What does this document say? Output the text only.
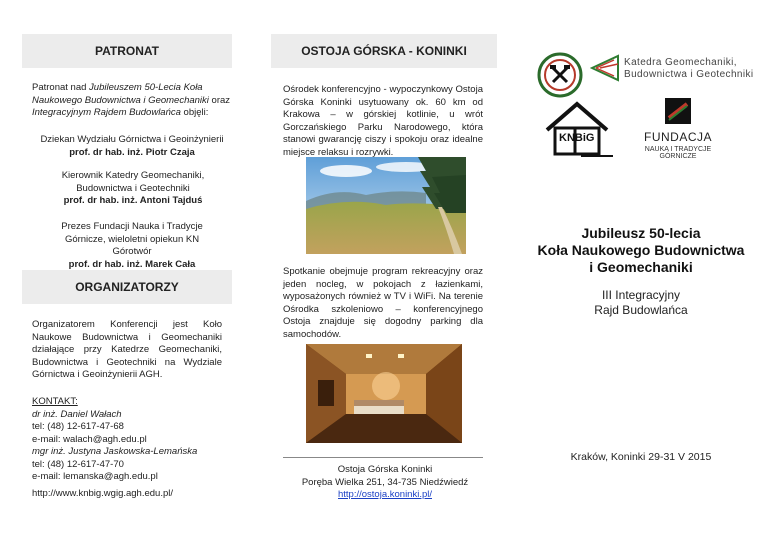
PATRONAT
Patronat nad Jubileuszem 50-Lecia Koła Naukowego Budownictwa i Geomechaniki oraz Integracyjnym Rajdem Budowlańca objęli:
Dziekan Wydziału Górnictwa i Geoinżynierii
prof. dr hab. inż. Piotr Czaja
Kierownik Katedry Geomechaniki, Budownictwa i Geotechniki
prof. dr hab. inż. Antoni Tajduś
Prezes Fundacji Nauka i Tradycje Górnicze, wieloletni opiekun KN Górotwór
prof. dr hab. inż. Marek Cała
ORGANIZATORZY
Organizatorem Konferencji jest Koło Naukowe Budownictwa i Geomechaniki działające przy Katedrze Geomechaniki, Budownictwa i Geotechniki na Wydziale Górnictwa i Geoinżynierii AGH.
KONTAKT:
dr inż. Daniel Wałach
tel: (48) 12-617-47-68
e-mail: walach@agh.edu.pl
mgr inż. Justyna Jaskowska-Lemańska
tel: (48) 12-617-47-70
e-mail: lemanska@agh.edu.pl
http://www.knbig.wgig.agh.edu.pl/
OSTOJA GÓRSKA - KONINKI
Ośrodek konferencyjno - wypoczynkowy Ostoja Górska Koninki usytuowany ok. 60 km od Krakowa – w górskiej kotlinie, u wrót Gorczańskiego Parku Narodowego, która stanowi gwarancję ciszy i spokoju oraz idealne miejsce relaksu i rozrywki.
Spotkanie obejmuje program rekreacyjny oraz jeden nocleg, w pokojach z łazienkami, wyposażonych również w TV i WiFi. Na terenie Ośrodka szkoleniowo – konferencyjnego Ostoja znajduje się dogodny parking dla samochodów.
Ostoja Górska Koninki
Poręba Wielka 251, 34-735 Niedźwiedź
http://ostoja.koninki.pl/
Katedra Geomechaniki,
Budownictwa i Geotechniki
KNBiG	FUNDACJA
NAUKA I TRADYCJE GÓRNICZE
Jubileusz 50-lecia
Koła Naukowego Budownictwa
i Geomechaniki
III Integracyjny
Rajd Budowlańca
Kraków, Koninki 29-31 V 2015
